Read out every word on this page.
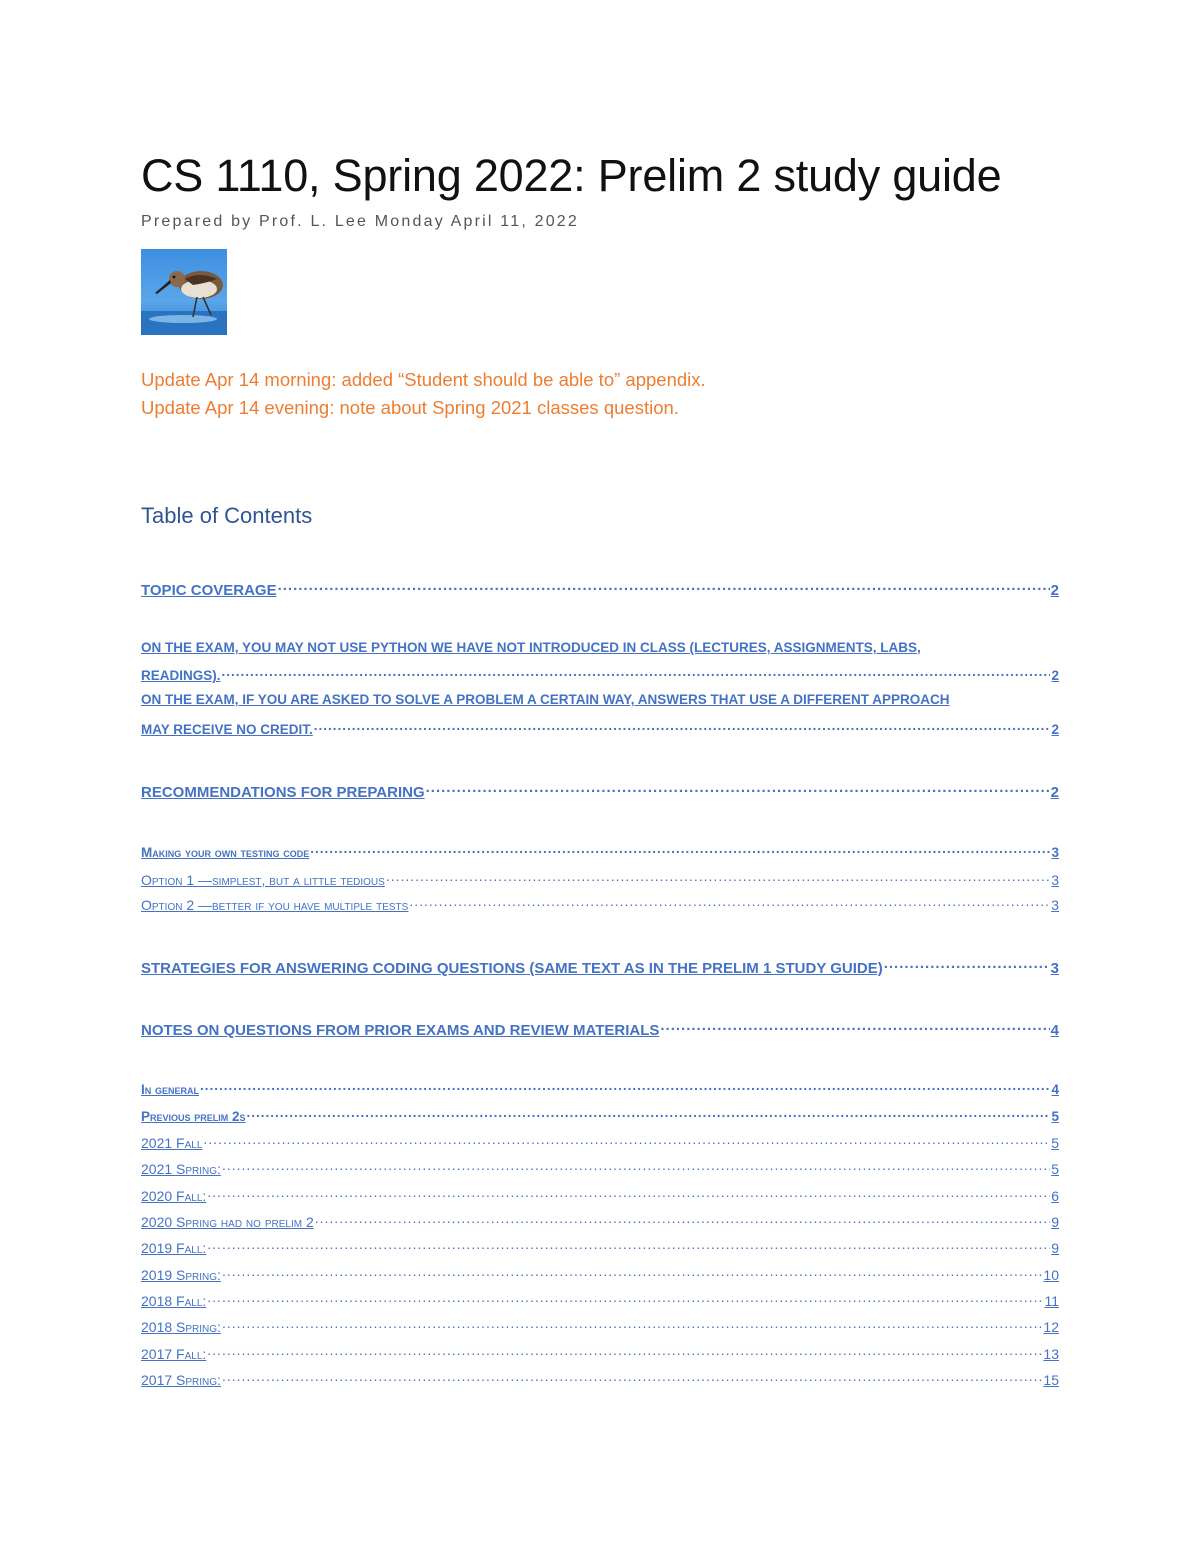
CS 1110, Spring 2022: Prelim 2 study guide
Prepared by Prof. L. Lee Monday April 11, 2022
Update Apr 14 morning: added “Student should be able to” appendix.
Update Apr 14 evening: note about Spring 2021 classes question.
Table of Contents
TOPIC COVERAGE .....	2
ON THE EXAM, YOU MAY NOT USE PYTHON WE HAVE NOT INTRODUCED IN CLASS (LECTURES, ASSIGNMENTS, LABS,
READINGS). .....	2
ON THE EXAM, IF YOU ARE ASKED TO SOLVE A PROBLEM A CERTAIN WAY, ANSWERS THAT USE A DIFFERENT APPROACH
MAY RECEIVE NO CREDIT. .....	2
RECOMMENDATIONS FOR PREPARING .....	2
Making your own testing code .....	3
Option 1 —simplest, but a little tedious .....	3
Option 2 —better if you have multiple tests .....	3
STRATEGIES FOR ANSWERING CODING QUESTIONS (SAME TEXT AS IN THE PRELIM 1 STUDY GUIDE) .....	3
NOTES ON QUESTIONS FROM PRIOR EXAMS AND REVIEW MATERIALS .....	4
In general .....	4
Previous prelim 2s .....	5
2021 Fall .....	5
2021 Spring: .....	5
2020 Fall: .....	6
2020 Spring had no prelim 2 .....	9
2019 Fall: .....	9
2019 Spring: .....	10
2018 Fall: .....	11
2018 Spring: .....	12
2017 Fall: .....	13
2017 Spring: .....	15
